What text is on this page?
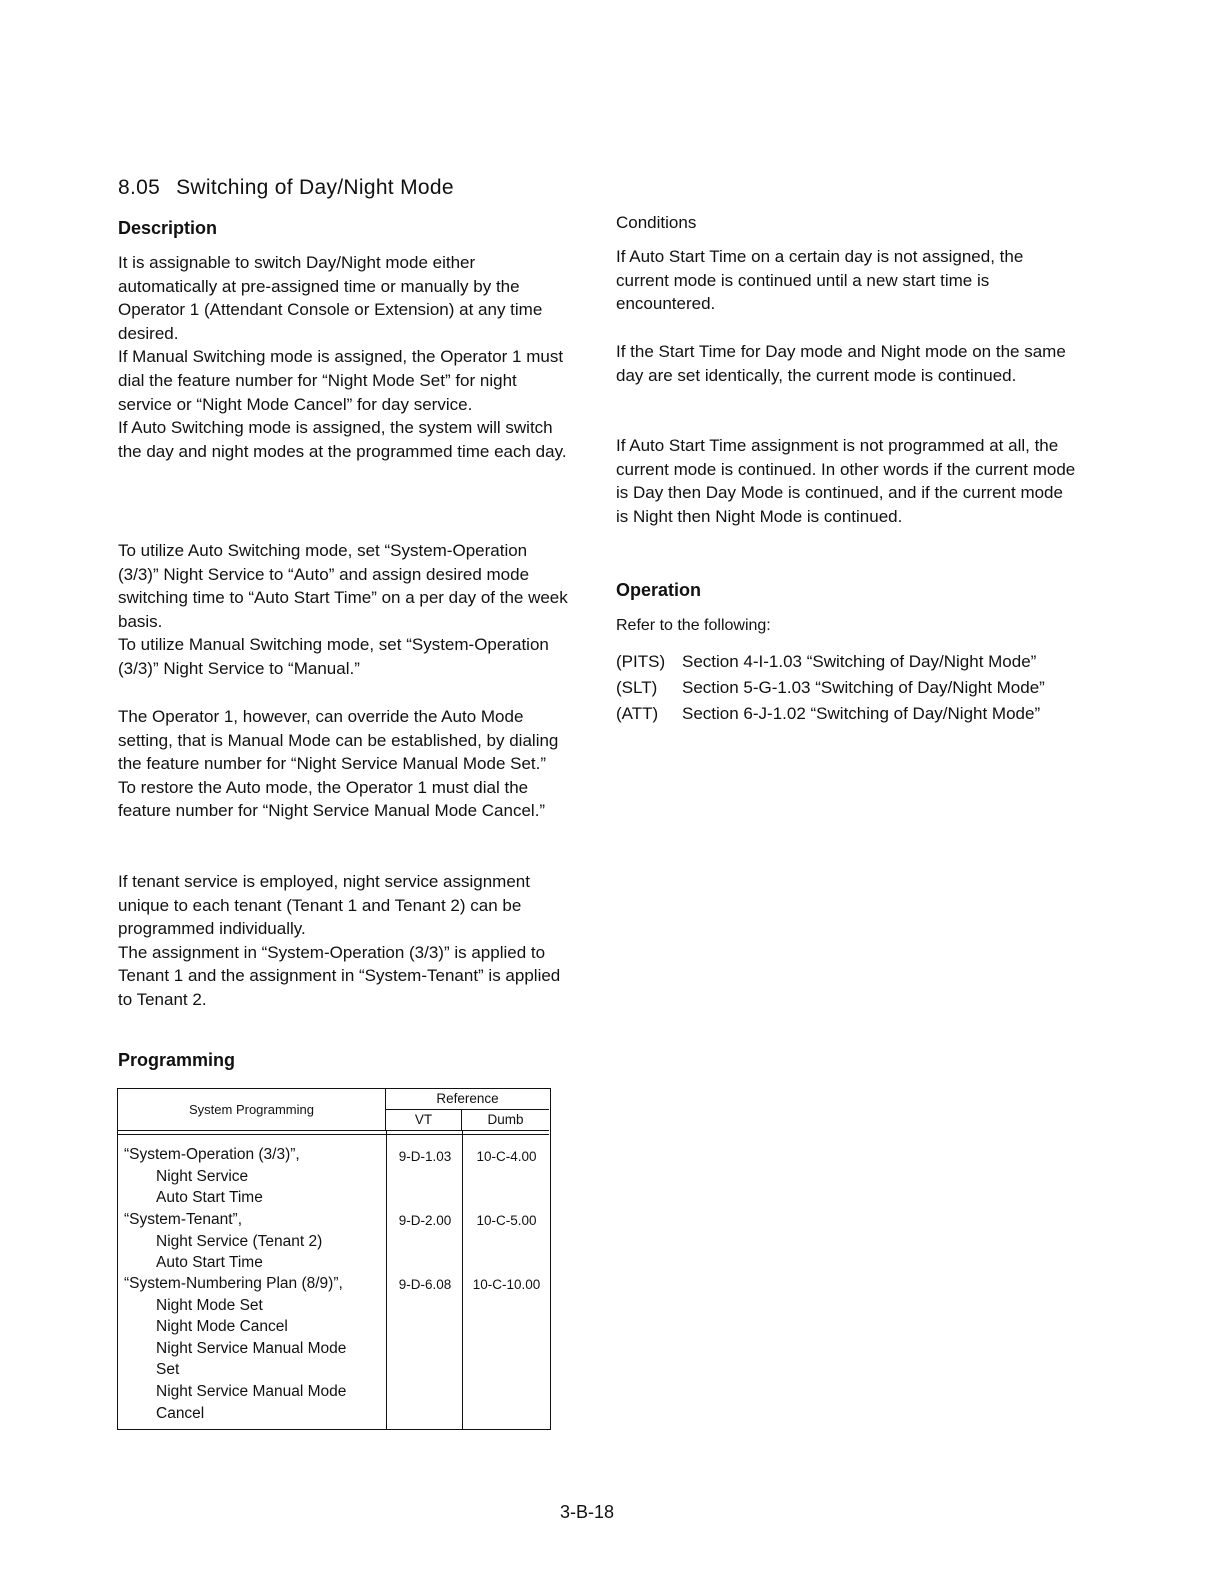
8.05 Switching of Day/Night Mode
Description

It is assignable to switch Day/Night mode either automatically at pre-assigned time or manually by the Operator 1 (Attendant Console or Extension) at any time desired.

If Manual Switching mode is assigned, the Operator 1 must dial the feature number for “Night Mode Set” for night service or “Night Mode Cancel” for day service.

If Auto Switching mode is assigned, the system will switch the day and night modes at the programmed time each day.

To utilize Auto Switching mode, set “System-Operation (3/3)” Night Service to “Auto” and assign desired mode switching time to “Auto Start Time” on a per day of the week basis.

To utilize Manual Switching mode, set “System-Operation (3/3)” Night Service to “Manual.”

The Operator 1, however, can override the Auto Mode setting, that is Manual Mode can be established, by dialing the feature number for “Night Service Manual Mode Set.” To restore the Auto mode, the Operator 1 must dial the feature number for “Night Service Manual Mode Cancel.”

If tenant service is employed, night service assignment unique to each tenant (Tenant 1 and Tenant 2) can be programmed individually.

The assignment in “System-Operation (3/3)” is applied to Tenant 1 and the assignment in “System-Tenant” is applied to Tenant 2.

Conditions
If Auto Start Time on a certain day is not assigned, the current mode is continued until a new start time is encountered.
If the Start Time for Day mode and Night mode on the same day are set identically, the current mode is continued.
If Auto Start Time assignment is not programmed at all, the current mode is continued. In other words if the current mode is Day then Day Mode is continued, and if the current mode is Night then Night Mode is continued.
Operation
Refer to the following:
(PITS) Section 4-I-1.03 “Switching of Day/Night Mode”
(SLT)	Section 5-G-1.03 “Switching of Day/Night Mode”
(ATT)	Section 6-J-1.02 “Switching of Day/Night Mode”
Programming
System Programming
Reference
VT	Dumb
“System-Operation (3/3)”,
Night Service
Auto Start Time
9-D-1.03	10-C-4.00
“System-Tenant”,
Night Service (Tenant 2)
Auto Start Time
9-D-2.00	10-C-5.00
“System-Numbering Plan (8/9)”,
Night Mode Set
Night Mode Cancel
Night Service Manual Mode
Set
Night Service Manual Mode
Cancel
9-D-6.08	10-C-10.00
3-B-18
